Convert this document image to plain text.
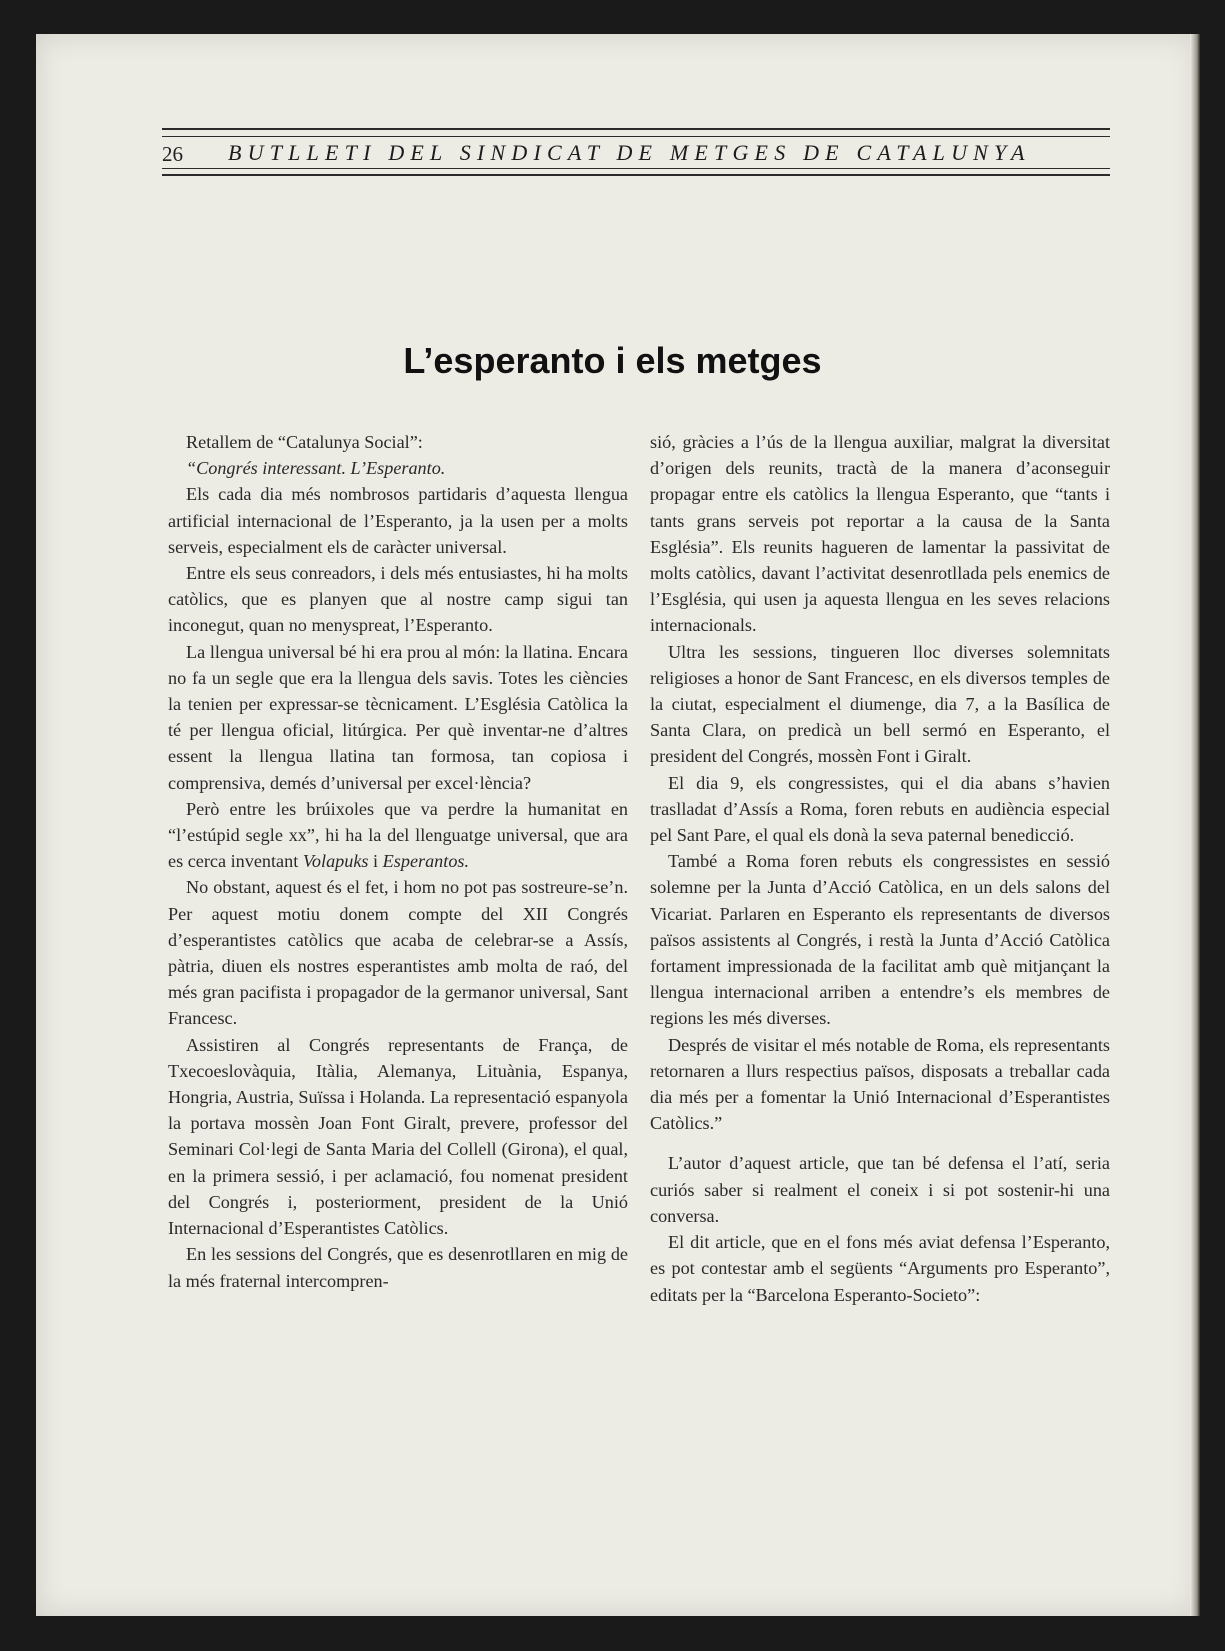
26 BUTLLETI DEL SINDICAT DE METGES DE CATALUNYA
L’esperanto i els metges

Retallem de “Catalunya Social”:

“Congrés interessant. L’Esperanto.

Els cada dia més nombrosos partidaris d’aquesta llengua artificial internacional de l’Esperanto, ja la usen per a molts serveis, especialment els de caràcter universal.

Entre els seus conreadors, i dels més entusiastes, hi ha molts catòlics, que es planyen que al nostre camp sigui tan inconegut, quan no menyspreat, l’Esperanto.

La llengua universal bé hi era prou al món: la llatina. Encara no fa un segle que era la llengua dels savis. Totes les ciències la tenien per expressar-se tècnicament. L’Església Catòlica la té per llengua oficial, litúrgica. Per què inventar-ne d’altres essent la llengua llatina tan formosa, tan copiosa i comprensiva, demés d’universal per excel·lència?

Però entre les brúixoles que va perdre la humanitat en “l’estúpid segle xx”, hi ha la del llenguatge universal, que ara es cerca inventant Volapuks i Esperantos.

No obstant, aquest és el fet, i hom no pot pas sostreure-se’n. Per aquest motiu donem compte del XII Congrés d’esperantistes catòlics que acaba de celebrar-se a Assís, pàtria, diuen els nostres esperantistes amb molta de raó, del més gran pacifista i propagador de la germanor universal, Sant Francesc.

Assistiren al Congrés representants de França, de Txecoeslovàquia, Itàlia, Alemanya, Lituània, Espanya, Hongria, Austria, Suïssa i Holanda. La representació espanyola la portava mossèn Joan Font Giralt, prevere, professor del Seminari Col·legi de Santa Maria del Collell (Girona), el qual, en la primera sessió, i per aclamació, fou nomenat president del Congrés i, posteriorment, president de la Unió Internacional d’Esperantistes Catòlics.

En les sessions del Congrés, que es desenrotllaren en mig de la més fraternal intercompren-

sió, gràcies a l’ús de la llengua auxiliar, malgrat la diversitat d’origen dels reunits, tractà de la manera d’aconseguir propagar entre els catòlics la llengua Esperanto, que “tants i tants grans serveis pot reportar a la causa de la Santa Església”. Els reunits hagueren de lamentar la passivitat de molts catòlics, davant l’activitat desenrotllada pels enemics de l’Església, qui usen ja aquesta llengua en les seves relacions internacionals.

Ultra les sessions, tingueren lloc diverses solemnitats religioses a honor de Sant Francesc, en els diversos temples de la ciutat, especialment el diumenge, dia 7, a la Basílica de Santa Clara, on predicà un bell sermó en Esperanto, el president del Congrés, mossèn Font i Giralt.

El dia 9, els congressistes, qui el dia abans s’havien traslladat d’Assís a Roma, foren rebuts en audiència especial pel Sant Pare, el qual els donà la seva paternal benedicció.

També a Roma foren rebuts els congressistes en sessió solemne per la Junta d’Acció Catòlica, en un dels salons del Vicariat. Parlaren en Esperanto els representants de diversos països assistents al Congrés, i restà la Junta d’Acció Catòlica fortament impressionada de la facilitat amb què mitjançant la llengua internacional arriben a entendre’s els membres de regions les més diverses.

Després de visitar el més notable de Roma, els representants retornaren a llurs respectius països, disposats a treballar cada dia més per a fomentar la Unió Internacional d’Esperantistes Catòlics.”

L’autor d’aquest article, que tan bé defensa el l’atí, seria curiós saber si realment el coneix i si pot sostenir-hi una conversa.

El dit article, que en el fons més aviat defensa l’Esperanto, es pot contestar amb el següents “Arguments pro Esperanto”, editats per la “Barcelona Esperanto-Societo”:
